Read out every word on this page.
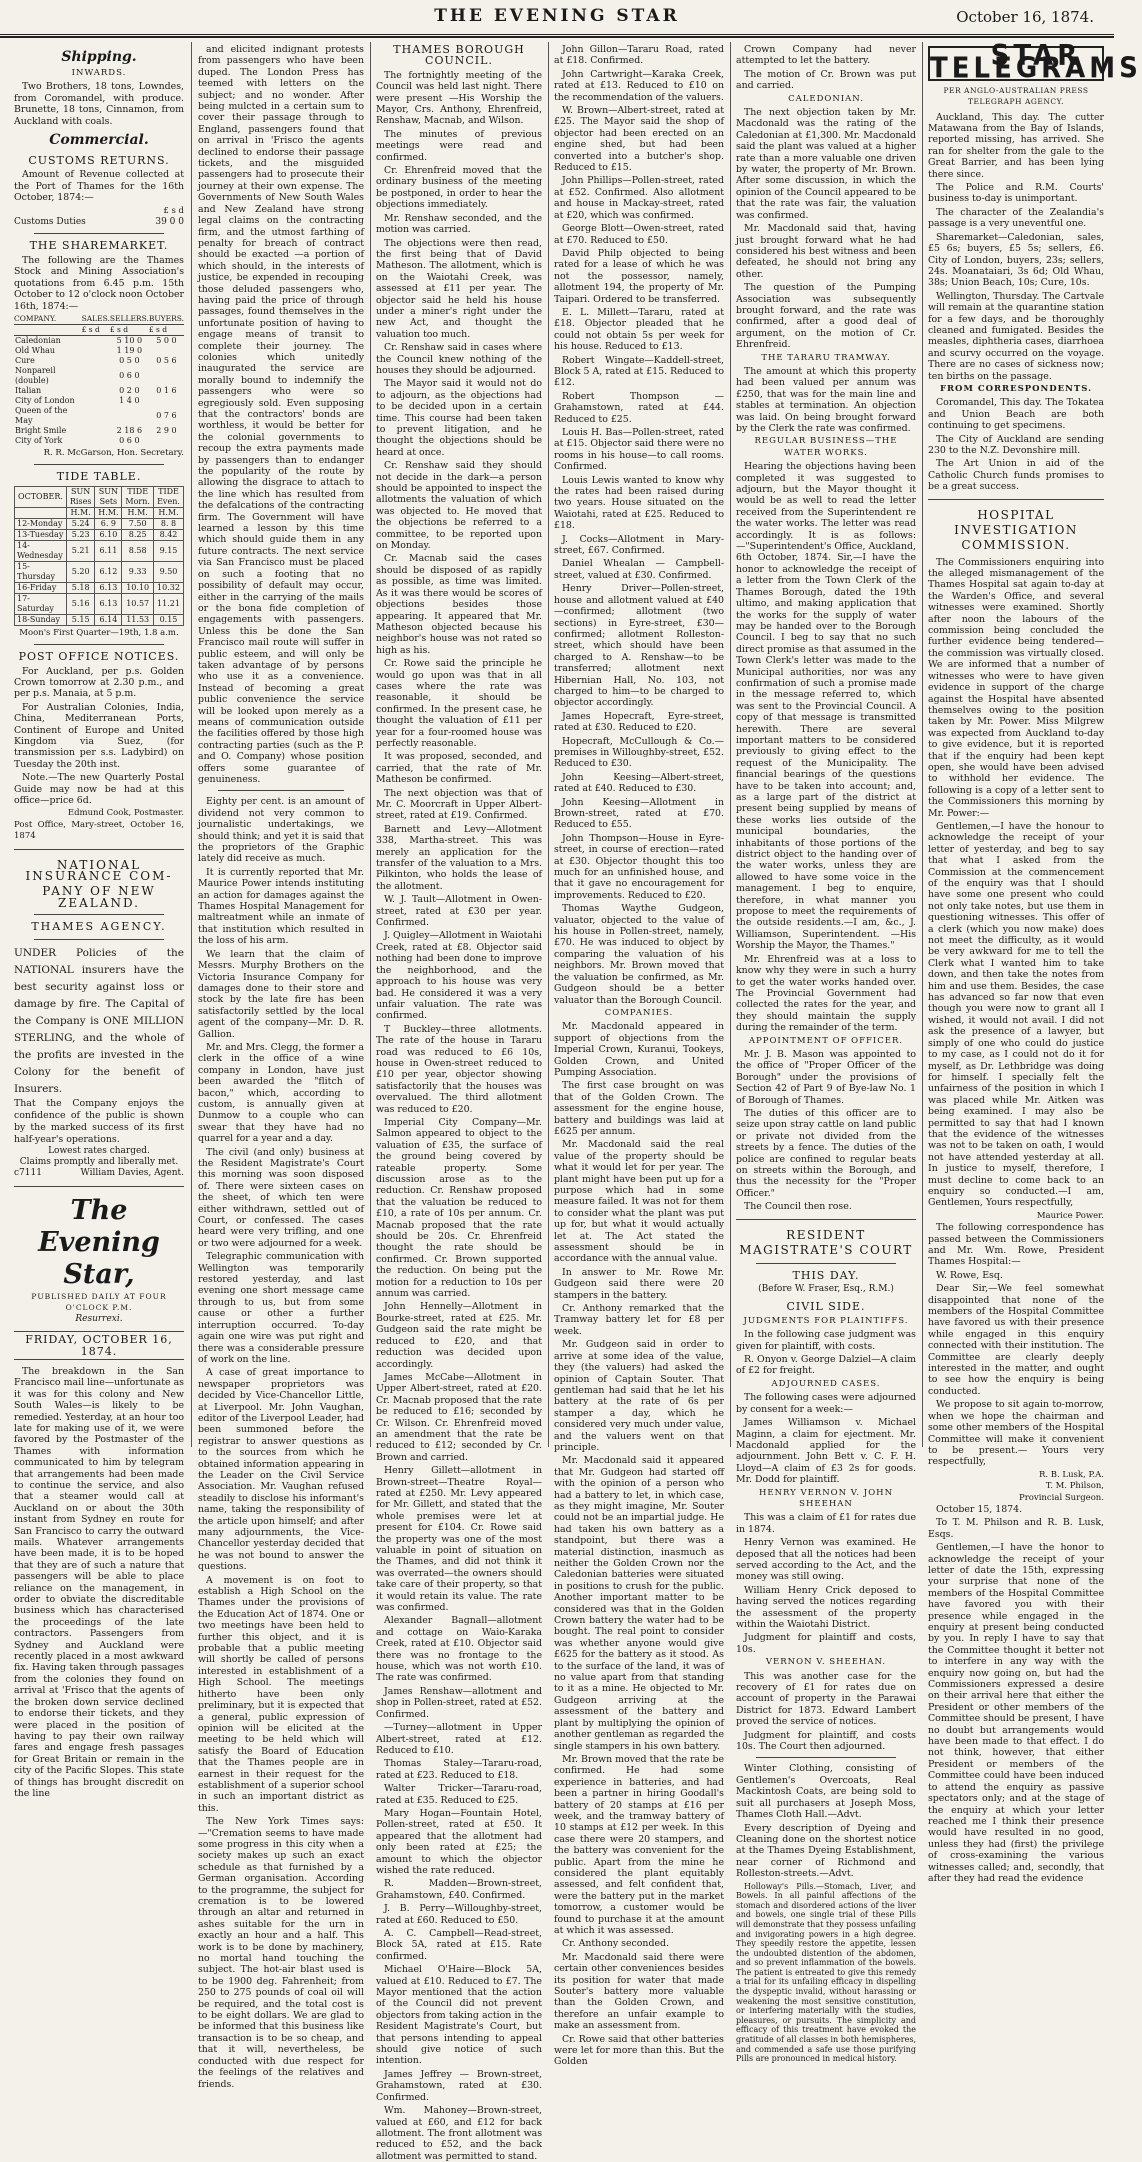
THE EVENING STAR	October 16, 1874.
Shipping.
INWARDS.

Two Brothers, 18 tons, Lowndes, from Coromandel, with produce. Brunette, 18 tons, Cinnamon, from Auckland with coals.

Commercial.
CUSTOMS RETURNS.

Amount of Revenue collected at the Port of Thames for the 16th October, 1874:—

£ s d
Customs Duties	39 0 0
THE SHAREMARKET.

The following are the Thames Stock and Mining Association's quotations from 6.45 p.m. 15th October to 12 o'clock noon October 16th, 1874:—

COMPANY.	SALES.	SELLERS.	BUYERS.
	£ s d	£ s d	£ s d
Caledonian		5 10 0	5 0 0
Old Whau		1 19 0	
Cure		0 5 0	0 5 6
Nonpareil (double)		0 6 0	
Italian		0 2 0	0 1 6
City of London		1 4 0	
Queen of the May			0 7 6
Bright Smile		2 18 6	2 9 0
City of York		0 6 0	
R. R. McGarson, Hon. Secretary.
TIDE TABLE.
OCTOBER.	SUN Rises	SUN Sets	TIDE Morn.	TIDE Even.
	H.M.	H.M.	H.M.	H.M.
12-Monday	5.24	6. 9	7.50	8. 8
13-Tuesday	5.23	6.10	8.25	8.42
14-Wednesday	5.21	6.11	8.58	9.15
15-Thursday	5.20	6.12	9.33	9.50
16-Friday	5.18	6.13	10.10	10.32
17-Saturday	5.16	6.13	10.57	11.21
18-Sunday	5.15	6.14	11.53	0.15
Moon's First Quarter—19th, 1.8 a.m.
POST OFFICE NOTICES.

For Auckland, per p.s. Golden Crown tomorrow at 2.30 p.m., and per p.s. Manaia, at 5 p.m.

For Australian Colonies, India, China, Mediterranean Ports, Continent of Europe and United Kingdom via Suez, (for transmission per s.s. Ladybird) on Tuesday the 20th inst.

Note.—The new Quarterly Postal Guide may now be had at this office—price 6d.

Edmund Cook, Postmaster.
Post Office, Mary-street, October 16, 1874
NATIONAL INSURANCE COM-
PANY OF NEW ZEALAND.
THAMES AGENCY.
UNDER Policies of the NATIONAL insurers have the best security against loss or damage by fire. The Capital of the Company is ONE MILLION STERLING, and the whole of the profits are invested in the Colony for the benefit of Insurers.
That the Company enjoys the confidence of the public is shown by the marked success of its first half-year's operations.
Lowest rates charged.
Claims promptly and liberally met.
c7111	William Davies, Agent.
The Evening Star,
PUBLISHED DAILY AT FOUR O'CLOCK P.M.
Resurrexi.
FRIDAY, OCTOBER 16, 1874.

The breakdown in the San Francisco mail line—unfortunate as it was for this colony and New South Wales—is likely to be remedied. Yesterday, at an hour too late for making use of it, we were favored by the Postmaster of the Thames with information communicated to him by telegram that arrangements had been made to continue the service, and also that a steamer would call at Auckland on or about the 30th instant from Sydney en route for San Francisco to carry the outward mails. Whatever arrangements have been made, it is to be hoped that they are of such a nature that passengers will be able to place reliance on the management, in order to obviate the discreditable business which has characterised the proceedings of the late contractors. Passengers from Sydney and Auckland were recently placed in a most awkward fix. Having taken through passages from the colonies they found on arrival at 'Frisco that the agents of the broken down service declined to endorse their tickets, and they were placed in the position of having to pay their own railway fares and engage fresh passages for Great Britain or remain in the city of the Pacific Slopes. This state of things has brought discredit on the line

and elicited indignant protests from passengers who have been duped. The London Press has teemed with letters on the subject; and no wonder. After being mulcted in a certain sum to cover their passage through to England, passengers found that on arrival in 'Frisco the agents declined to endorse their passage tickets, and the misguided passengers had to prosecute their journey at their own expense. The Governments of New South Wales and New Zealand have strong legal claims on the contracting firm, and the utmost farthing of penalty for breach of contract should be exacted —a portion of which should, in the interests of justice, be expended in recouping those deluded passengers who, having paid the price of through passages, found themselves in the unfortunate position of having to engage means of transit to complete their journey. The colonies which unitedly inaugurated the service are morally bound to indemnify the passengers who were so egregiously sold. Even supposing that the contractors' bonds are worthless, it would be better for the colonial governments to recoup the extra payments made by passengers than to endanger the popularity of the route by allowing the disgrace to attach to the line which has resulted from the defalcations of the contracting firm. The Government will have learned a lesson by this time which should guide them in any future contracts. The next service via San Francisco must be placed on such a footing that no possibility of default may occur, either in the carrying of the mails or the bona fide completion of engagements with passengers. Unless this be done the San Francisco mail route will suffer in public esteem, and will only be taken advantage of by persons who use it as a convenience. Instead of becoming a great public convenience the service will be looked upon merely as a means of communication outside the facilities offered by those high contracting parties (such as the P. and O. Company) whose position offers some guarantee of genuineness.

Eighty per cent. is an amount of dividend not very common to journalistic undertakings, we should think; and yet it is said that the proprietors of the Graphic lately did receive as much.

It is currently reported that Mr. Maurice Power intends instituting an action for damages against the Thames Hospital Management for maltreatment while an inmate of that institution which resulted in the loss of his arm.

We learn that the claim of Messrs. Murphy Brothers on the Victoria Insurance Company for damages done to their store and stock by the late fire has been satisfactorily settled by the local agent of the company—Mr. D. R. Gallion.

Mr. and Mrs. Clegg, the former a clerk in the office of a wine company in London, have just been awarded the "flitch of bacon," which, according to custom, is annually given at Dunmow to a couple who can swear that they have had no quarrel for a year and a day.

The civil (and only) business at the Resident Magistrate's Court this morning was soon disposed of. There were sixteen cases on the sheet, of which ten were either withdrawn, settled out of Court, or confessed. The cases heard were very trifling, and one or two were adjourned for a week.

Telegraphic communication with Wellington was temporarily restored yesterday, and last evening one short message came through to us, but from some cause or other a further interruption occurred. To-day again one wire was put right and there was a considerable pressure of work on the line.

A case of great importance to newspaper proprietors was decided by Vice-Chancellor Little, at Liverpool. Mr. John Vaughan, editor of the Liverpool Leader, had been summoned before the registrar to answer questions as to the sources from which he obtained information appearing in the Leader on the Civil Service Association. Mr. Vaughan refused steadily to disclose his informant's name, taking the responsibility of the article upon himself; and after many adjournments, the Vice-Chancellor yesterday decided that he was not bound to answer the questions.

A movement is on foot to establish a High School on the Thames under the provisions of the Education Act of 1874. One or two meetings have been held to further this object, and it is probable that a public meeting will shortly be called of persons interested in establishment of a High School. The meetings hitherto have been only preliminary, but it is expected that a general, public expression of opinion will be elicited at the meeting to be held which will satisfy the Board of Education that the Thames people are in earnest in their request for the establishment of a superior school in such an important district as this.

The New York Times says:—"Cremation seems to have made some progress in this city when a society makes up such an exact schedule as that furnished by a German organisation. According to the programme, the subject for cremation is to be lowered through an altar and returned in ashes suitable for the urn in exactly an hour and a half. This work is to be done by machinery, no mortal hand touching the subject. The hot-air blast used is to be 1900 deg. Fahrenheit; from 250 to 275 pounds of coal oil will be required, and the total cost is to be eight dollars. We are glad to be informed that this business like transaction is to be so cheap, and that it will, nevertheless, be conducted with due respect for the feelings of the relatives and friends.

THAMES BOROUGH COUNCIL.

The fortnightly meeting of the Council was held last night. There were present —His Worship the Mayor, Crs. Anthony, Ehrenfreid, Renshaw, Macnab, and Wilson.

The minutes of previous meetings were read and confirmed.

Cr. Ehrenfreid moved that the ordinary business of the meeting be postponed, in order to hear the objections immediately.

Mr. Renshaw seconded, and the motion was carried.

The objections were then read, the first being that of David Matheson. The allotment, which is on the Waiotahi Creek, was assessed at £11 per year. The objector said he held his house under a miner's right under the new Act, and thought the valuation too much.

Cr. Renshaw said in cases where the Council knew nothing of the houses they should be adjourned.

The Mayor said it would not do to adjourn, as the objections had to be decided upon in a certain time. This course had been taken to prevent litigation, and he thought the objections should be heard at once.

Cr. Renshaw said they should not decide in the dark—a person should be appointed to inspect the allotments the valuation of which was objected to. He moved that the objections be referred to a committee, to be reported upon on Monday.

Cr. Macnab said the cases should be disposed of as rapidly as possible, as time was limited. As it was there would be scores of objections besides those appearing. It appeared that Mr. Matheson objected because his neighbor's house was not rated so high as his.

Cr. Rowe said the principle he would go upon was that in all cases where the rate was reasonable, it should be confirmed. In the present case, he thought the valuation of £11 per year for a four-roomed house was perfectly reasonable.

It was proposed, seconded, and carried, that the rate of Mr. Matheson be confirmed.

The next objection was that of Mr. C. Moorcraft in Upper Albert-street, rated at £19. Confirmed.

Barnett and Levy—Allotment 338, Martha-street. This was merely an application for the transfer of the valuation to a Mrs. Pilkinton, who holds the lease of the allotment.

W. J. Tault—Allotment in Owen-street, rated at £30 per year. Confirmed.

J. Quigley—Allotment in Waiotahi Creek, rated at £8. Objector said nothing had been done to improve the neighborhood, and the approach to his house was very bad. He considered it was a very unfair valuation. The rate was confirmed.

T Buckley—three allotments. The rate of the house in Tararu road was reduced to £6 10s, house in Owen-street reduced to £10 per year, objector showing satisfactorily that the houses was overvalued. The third allotment was reduced to £20.

Imperial City Company—Mr. Salmon appeared to object to the valuation of £35, the surface of the ground being covered by rateable property. Some discussion arose as to the reduction. Cr. Renshaw proposed that the valuation be reduced to £10, a rate of 10s per annum. Cr. Macnab proposed that the rate should be 20s. Cr. Ehrenfreid thought the rate should be confirmed. Cr. Brown supported the reduction. On being put the motion for a reduction to 10s per annum was carried.

John Hennelly—Allotment in Bourke-street, rated at £25. Mr. Gudgeon said the rate might be reduced to £20, and that reduction was decided upon accordingly.

James McCabe—Allotment in Upper Albert-street, rated at £20. Cr. Macnab proposed that the rate be reduced to £16; seconded by Cr. Wilson. Cr. Ehrenfreid moved an amendment that the rate be reduced to £12; seconded by Cr. Brown and carried.

Henry Gillett—allotment in Brown-street—Theatre Royal—rated at £250. Mr. Levy appeared for Mr. Gillett, and stated that the whole premises were let at present for £104. Cr. Rowe said the property was one of the most valuable in point of situation on the Thames, and did not think it was overrated—the owners should take care of their property, so that it would retain its value. The rate was confirmed.

Alexander Bagnall—allotment and cottage on Waio-Karaka Creek, rated at £10. Objector said there was no frontage to the house, which was not worth £10. The rate was confirmed.

James Renshaw—allotment and shop in Pollen-street, rated at £52. Confirmed.

—Turney—allotment in Upper Albert-street, rated at £12. Reduced to £10.

Thomas Staley—Tararu-road, rated at £23. Reduced to £18.

Walter Tricker—Tararu-road, rated at £35. Reduced to £25.

Mary Hogan—Fountain Hotel, Pollen-street, rated at £50. It appeared that the allotment had only been rated at £25; the amount to which the objector wished the rate reduced.

R. Madden—Brown-street, Grahamstown, £40. Confirmed.

J. B. Perry—Willoughby-street, rated at £60. Reduced to £50.

A. C. Campbell—Read-street, Block 5A, rated at £15. Rate confirmed.

Michael O'Haire—Block 5A, valued at £10. Reduced to £7. The Mayor mentioned that the action of the Council did not prevent objectors from taking action in the Resident Magistrate's Court, but that persons intending to appeal should give notice of such intention.

James Jeffrey — Brown-street, Grahamstown, rated at £30. Confirmed.

Wm. Mahoney—Brown-street, valued at £60, and £12 for back allotment. The front allotment was reduced to £52, and the back allotment was permitted to stand.

John Gillon—Tararu Road, rated at £18. Confirmed.

John Cartwright—Karaka Creek, rated at £13. Reduced to £10 on the recommendation of the valuers.

W. Brown—Albert-street, rated at £25. The Mayor said the shop of objector had been erected on an engine shed, but had been converted into a butcher's shop. Reduced to £15.

John Phillips—Pollen-street, rated at £52. Confirmed. Also allotment and house in Mackay-street, rated at £20, which was confirmed.

George Blott—Owen-street, rated at £70. Reduced to £50.

David Philp objected to being rated for a lease of which he was not the possessor, namely, allotment 194, the property of Mr. Taipari. Ordered to be transferred.

E. L. Millett—Tararu, rated at £18. Objector pleaded that he could not obtain 5s per week for his house. Reduced to £13.

Robert Wingate—Kaddell-street, Block 5 A, rated at £15. Reduced to £12.

Robert Thompson — Grahamstown, rated at £44. Reduced to £25.

Louis H. Bas—Pollen-street, rated at £15. Objector said there were no rooms in his house—to call rooms. Confirmed.

Louis Lewis wanted to know why the rates had been raised during two years. House situated on the Waiotahi, rated at £25. Reduced to £18.

J. Cocks—Allotment in Mary-street, £67. Confirmed.

Daniel Whealan — Campbell-street, valued at £30. Confirmed.

Henry Driver—Pollen-street, house and allotment valued at £40—confirmed; allotment (two sections) in Eyre-street, £30—confirmed; allotment Rolleston-street, which should have been charged to A. Renshaw—to be transferred; allotment next Hibernian Hall, No. 103, not charged to him—to be charged to objector accordingly.

James Hopecraft, Eyre-street, rated at £30. Reduced to £20.

Hopecraft, McCullough & Co.—premises in Willoughby-street, £52. Reduced to £30.

John Keesing—Albert-street, rated at £40. Reduced to £30.

John Keesing—Allotment in Brown-street, rated at £70. Reduced to £55.

John Thompson—House in Eyre-street, in course of erection—rated at £30. Objector thought this too much for an unfinished house, and that it gave no encouragement for improvements. Reduced to £20.

Thomas Waythe Gudgeon, valuator, objected to the value of his house in Pollen-street, namely, £70. He was induced to object by comparing the valuation of his neighbors. Mr. Brown moved that the valuation be confirmed, as Mr. Gudgeon should be a better valuator than the Borough Council.

COMPANIES.

Mr. Macdonald appeared in support of objections from the Imperial Crown, Kuranui, Tookeys, Golden Crown, and United Pumping Association.

The first case brought on was that of the Golden Crown. The assessment for the engine house, battery and buildings was laid at £625 per annum.

Mr. Macdonald said the real value of the property should be what it would let for per year. The plant might have been put up for a purpose which had in some measure failed. It was not for them to consider what the plant was put up for, but what it would actually let at. The Act stated the assessment should be in accordance with the annual value.

In answer to Mr. Rowe Mr. Gudgeon said there were 20 stampers in the battery.

Cr. Anthony remarked that the Tramway battery let for £8 per week.

Mr. Gudgeon said in order to arrive at some idea of the value, they (the valuers) had asked the opinion of Captain Souter. That gentleman had said that he let his battery at the rate of 6s per stamper a day, which he considered very much under value, and the valuers went on that principle.

Mr. Macdonald said it appeared that Mr. Gudgeon had started off with the opinion of a person who had a battery to let, in which case, as they might imagine, Mr. Souter could not be an impartial judge. He had taken his own battery as a standpoint, but there was a material distinction, inasmuch as neither the Golden Crown nor the Caledonian batteries were situated in positions to crush for the public. Another important matter to be considered was that in the Golden Crown battery the water had to be bought. The real point to consider was whether anyone would give £625 for the battery as it stood. As to the surface of the land, it was of no value apart from that standing to it as a mine. He objected to Mr. Gudgeon arriving at the assessment of the battery and plant by multiplying the opinion of another gentleman as regarded the single stampers in his own battery.

Mr. Brown moved that the rate be confirmed. He had some experience in batteries, and had been a partner in hiring Goodall's battery of 20 stamps at £16 per week, and the tramway battery of 10 stamps at £12 per week. In this case there were 20 stampers, and the battery was convenient for the public. Apart from the mine he considered the plant equitably assessed, and felt confident that, were the battery put in the market tomorrow, a customer would be found to purchase it at the amount at which it was assessed.

Cr. Anthony seconded.

Mr. Macdonald said there were certain other conveniences besides its position for water that made Souter's battery more valuable than the Golden Crown, and therefore an unfair example to make an assessment from.

Cr. Rowe said that other batteries were let for more than this. But the Golden

Crown Company had never attempted to let the battery.

The motion of Cr. Brown was put and carried.

CALEDONIAN.

The next objection taken by Mr. Macdonald was the rating of the Caledonian at £1,300. Mr. Macdonald said the plant was valued at a higher rate than a more valuable one driven by water, the property of Mr. Brown. After some discussion, in which the opinion of the Council appeared to be that the rate was fair, the valuation was confirmed.

Mr. Macdonald said that, having just brought forward what he had considered his best witness and been defeated, he should not bring any other.

The question of the Pumping Association was subsequently brought forward, and the rate was confirmed, after a good deal of argument, on the motion of Cr. Ehrenfreid.

THE TARARU TRAMWAY.

The amount at which this property had been valued per annum was £250, that was for the main line and stables at termination. An objection was laid. On being brought forward by the Clerk the rate was confirmed.

REGULAR BUSINESS—THE WATER WORKS.

Hearing the objections having been completed it was suggested to adjourn, but the Mayor thought it would be as well to read the letter received from the Superintendent re the water works. The letter was read accordingly. It is as follows:—"Superintendent's Office, Auckland, 6th October, 1874. Sir,—I have the honor to acknowledge the receipt of a letter from the Town Clerk of the Thames Borough, dated the 19th ultimo, and making application that the works for the supply of water may be handed over to the Borough Council. I beg to say that no such direct promise as that assumed in the Town Clerk's letter was made to the Municipal authorities, nor was any confirmation of such a promise made in the message referred to, which was sent to the Provincial Council. A copy of that message is transmitted herewith. There are several important matters to be considered previously to giving effect to the request of the Municipality. The financial bearings of the questions have to be taken into account; and, as a large part of the district at present being supplied by means of these works lies outside of the municipal boundaries, the inhabitants of those portions of the district object to the handing over of the water works, unless they are allowed to have some voice in the management. I beg to enquire, therefore, in what manner you propose to meet the requirements of the outside residents.—I am, &c., J. Williamson, Superintendent. —His Worship the Mayor, the Thames."

Mr. Ehrenfreid was at a loss to know why they were in such a hurry to get the water works handed over. The Provincial Government had collected the rates for the year, and they should maintain the supply during the remainder of the term.

APPOINTMENT OF OFFICER.

Mr. J. B. Mason was appointed to the office of "Proper Officer of the Borough" under the provisions of Section 42 of Part 9 of Bye-law No. 1 of Borough of Thames.

The duties of this officer are to seize upon stray cattle on land public or private not divided from the streets by a fence. The duties of the police are confined to regular beats on streets within the Borough, and thus the necessity for the "Proper Officer."

The Council then rose.

RESIDENT MAGISTRATE'S COURT
THIS DAY.
(Before W. Fraser, Esq., R.M.)
CIVIL SIDE.
JUDGMENTS FOR PLAINTIFFS.

In the following case judgment was given for plaintiff, with costs.

R. Onyon v. George Dalziel—A claim of £2 for freight.

ADJOURNED CASES.

The following cases were adjourned by consent for a week:—

James Williamson v. Michael Maginn, a claim for ejectment. Mr. Macdonald applied for the adjournment. John Bett v. C. F. H. Lloyd—A claim of £3 2s for goods. Mr. Dodd for plaintiff.

HENRY VERNON V. JOHN SHEEHAN

This was a claim of £1 for rates due in 1874.

Henry Vernon was examined. He deposed that all the notices had been served according to the Act, and the money was still owing.

William Henry Crick deposed to having served the notices regarding the assessment of the property within the Waiotahi District.

Judgment for plaintiff and costs, 10s.

VERNON V. SHEEHAN.

This was another case for the recovery of £1 for rates due on account of property in the Parawai District for 1873. Edward Lambert proved the service of notices.

Judgment for plaintiff, and costs 10s. The Court then adjourned.

Winter Clothing, consisting of Gentlemen's Overcoats, Real Mackintosh Coats, are being sold to suit all purchasers at Joseph Moss, Thames Cloth Hall.—Advt.

Every description of Dyeing and Cleaning done on the shortest notice at the Thames Dyeing Establishment, near corner of Richmond and Rolleston-streets.—Advt.

Holloway's Pills.—Stomach, Liver, and Bowels. In all painful affections of the stomach and disordered actions of the liver and bowels, one single trial of these Pills will demonstrate that they possess unfailing and invigorating powers in a high degree. They speedily restore the appetite, lessen the undoubted distention of the abdomen, and so prevent inflammation of the bowels. The patient is entreated to give this remedy a trial for its unfailing efficacy in dispelling the dyspeptic invalid, without harassing or weakening the most sensitive constitution, or interfering materially with the studies, pleasures, or pursuits. The simplicity and efficacy of this treatment have evoked the gratitude of all classes in both hemispheres, and commended a safe use those purifying Pills are pronounced in medical history.

STAR TELEGRAMS
PER ANGLO-AUSTRALIAN PRESS TELEGRAPH AGENCY.

Auckland, This day. The cutter Matawana from the Bay of Islands, reported missing, has arrived. She ran for shelter from the gale to the Great Barrier, and has been lying there since.

The Police and R.M. Courts' business to-day is unimportant.

The character of the Zealandia's passage is a very uneventful one.

Sharemarket—Caledonian, sales, £5 6s; buyers, £5 5s; sellers, £6. City of London, buyers, 23s; sellers, 24s. Moanataiari, 3s 6d; Old Whau, 38s; Union Beach, 10s; Cure, 10s.

Wellington, Thursday. The Cartvale will remain at the quarantine station for a few days, and be thoroughly cleaned and fumigated. Besides the measles, diphtheria cases, diarrhoea and scurvy occurred on the voyage. There are no cases of sickness now; ten births on the passage.

FROM CORRESPONDENTS.

Coromandel, This day. The Tokatea and Union Beach are both continuing to get specimens.

The City of Auckland are sending 230 to the N.Z. Devonshire mill.

The Art Union in aid of the Catholic Church funds promises to be a great success.

HOSPITAL INVESTIGATION COMMISSION.

The Commissioners enquiring into the alleged mismanagement of the Thames Hospital sat again to-day at the Warden's Office, and several witnesses were examined. Shortly after noon the labours of the commission being concluded the further evidence being tendered—the commission was virtually closed. We are informed that a number of witnesses who were to have given evidence in support of the charge against the Hospital have absented themselves owing to the position taken by Mr. Power. Miss Milgrew was expected from Auckland to-day to give evidence, but it is reported that if the enquiry had been kept open, she would have been advised to withhold her evidence. The following is a copy of a letter sent to the Commissioners this morning by Mr. Power:—

Gentlemen,—I have the honour to acknowledge the receipt of your letter of yesterday, and beg to say that what I asked from the Commission at the commencement of the enquiry was that I should have some one present who could not only take notes, but use them in questioning witnesses. This offer of a clerk (which you now make) does not meet the difficulty, as it would be very awkward for me to tell the Clerk what I wanted him to take down, and then take the notes from him and use them. Besides, the case has advanced so far now that even though you were now to grant all I wished, it would not avail. I did not ask the presence of a lawyer, but simply of one who could do justice to my case, as I could not do it for myself, as Dr. Lethbridge was doing for himself. I specially felt the unfairness of the position in which I was placed while Mr. Aitken was being examined. I may also be permitted to say that had I known that the evidence of the witnesses was not to be taken on oath, I would not have attended yesterday at all. In justice to myself, therefore, I must decline to come back to an enquiry so conducted.—I am, Gentlemen, Yours respectfully,

Maurice Power.

The following correspondence has passed between the Commissioners and Mr. Wm. Rowe, President Thames Hospital:—

W. Rowe, Esq.

Dear Sir,—We feel somewhat disappointed that none of the members of the Hospital Committee have favored us with their presence while engaged in this enquiry connected with their institution. The Committee are clearly deeply interested in the matter, and ought to see how the enquiry is being conducted.

We propose to sit again to-morrow, when we hope the chairman and some other members of the Hospital Committee will make it convenient to be present.— Yours very respectfully,

R. B. Lusk, P.A.
T. M. Philson,
Provincial Surgeon.

October 15, 1874.

To T. M. Philson and R. B. Lusk, Esqs.

Gentlemen,—I have the honor to acknowledge the receipt of your letter of date the 15th, expressing your surprise that none of the members of the Hospital Committee have favored you with their presence while engaged in the enquiry at present being conducted by you. In reply I have to say that the Committee thought it better not to interfere in any way with the enquiry now going on, but had the Commissioners expressed a desire on their arrival here that either the President or other members of the Committee should be present, I have no doubt but arrangements would have been made to that effect. I do not think, however, that either President or members of the Committee could have been induced to attend the enquiry as passive spectators only; and at the stage of the enquiry at which your letter reached me I think their presence would have resulted in no good, unless they had (first) the privilege of cross-examining the various witnesses called; and, secondly, that after they had read the evidence
